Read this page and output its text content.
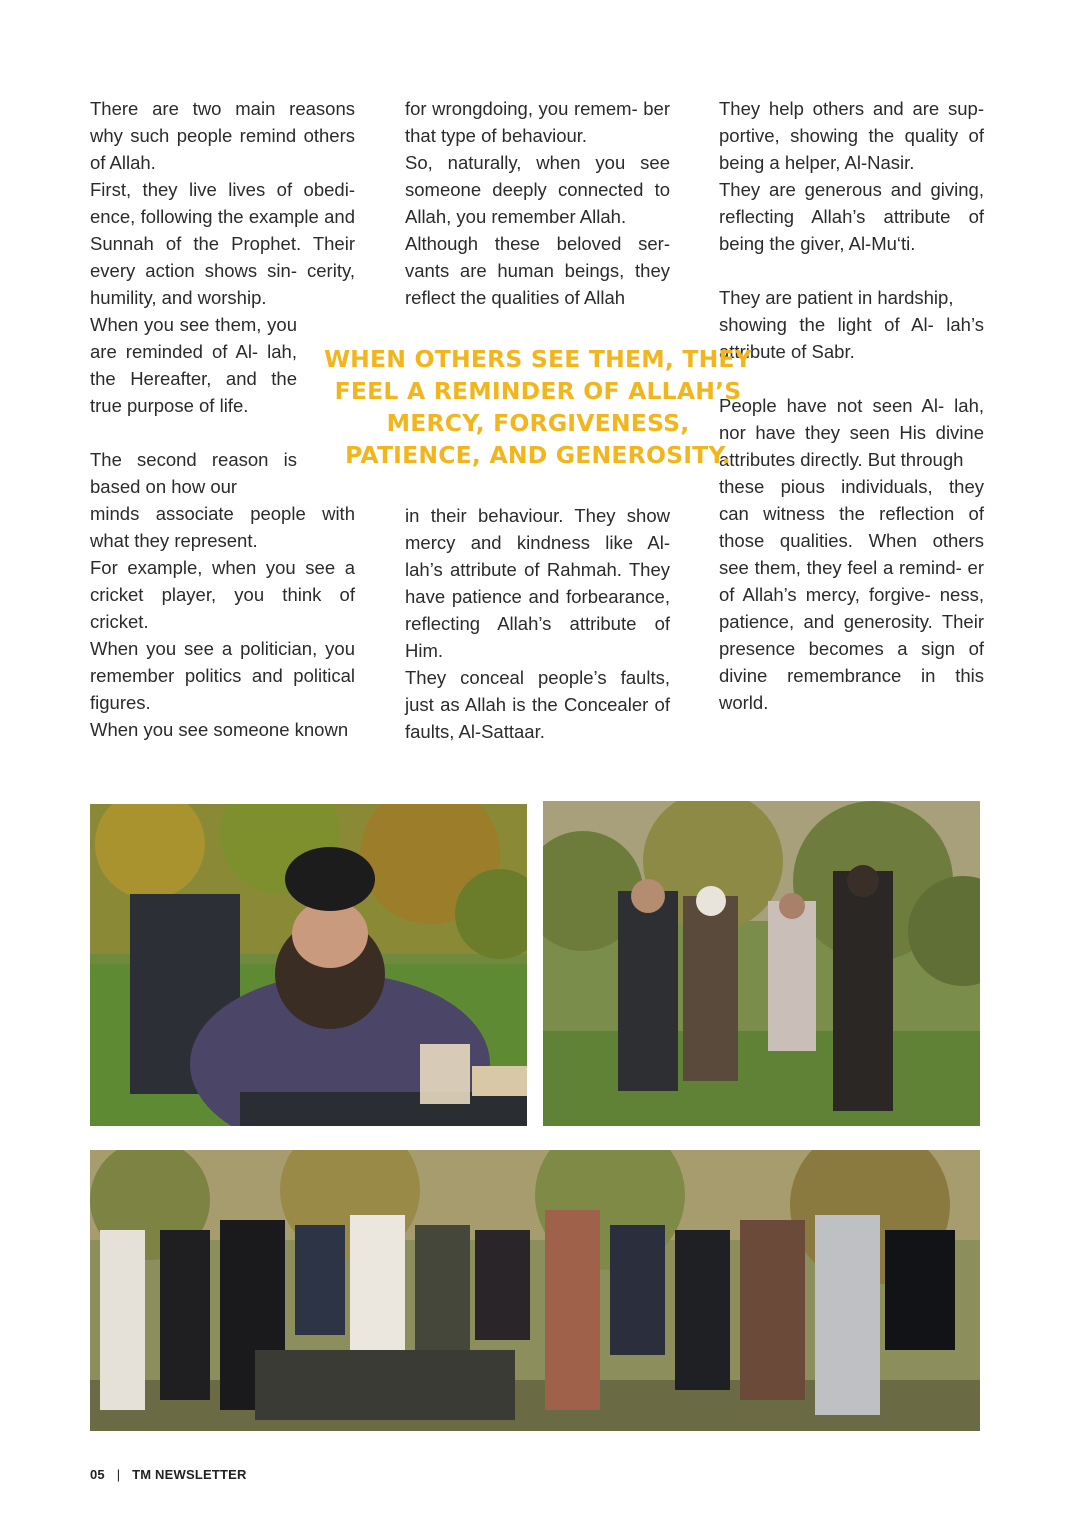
There are two main reasons why such people remind others of Allah.

First, they live lives of obedi- ence, following the example and Sunnah of the Prophet. Their every action shows sin- cerity, humility, and worship.

When you see them, you are reminded of Al- lah, the Hereafter, and the true purpose of life.

The second reason is based on how our

minds associate people with what they represent.

For example, when you see a cricket player, you think of cricket.

When you see a politician, you remember politics and political figures.

When you see someone known

for wrongdoing, you remem- ber that type of behaviour.

So, naturally, when you see someone deeply connected to Allah, you remember Allah.

Although these beloved ser- vants are human beings, they reflect the qualities of Allah

in their behaviour. They show mercy and kindness like Al- lah’s attribute of Rahmah. They have patience and forbearance, reflecting Allah’s attribute of Him.

They conceal people’s faults, just as Allah is the Concealer of faults, Al-Sattaar.

They help others and are sup- portive, showing the quality of being a helper, Al-Nasir.

They are generous and giving, reflecting Allah’s attribute of being the giver, Al-Mu‘ti.

They are patient in hardship,

showing the light of Al- lah’s attribute of Sabr.

People have not seen Al- lah, nor have they seen His divine attributes directly. But through

these pious individuals, they can witness the reflection of those qualities. When others see them, they feel a remind- er of Allah’s mercy, forgive- ness, patience, and generosity. Their presence becomes a sign of divine remembrance in this world.

WHEN OTHERS SEE THEM, THEY FEEL A REMINDER OF ALLAH’S MERCY, FORGIVENESS, PATIENCE, AND GENEROSITY.
05 | TM NEWSLETTER
